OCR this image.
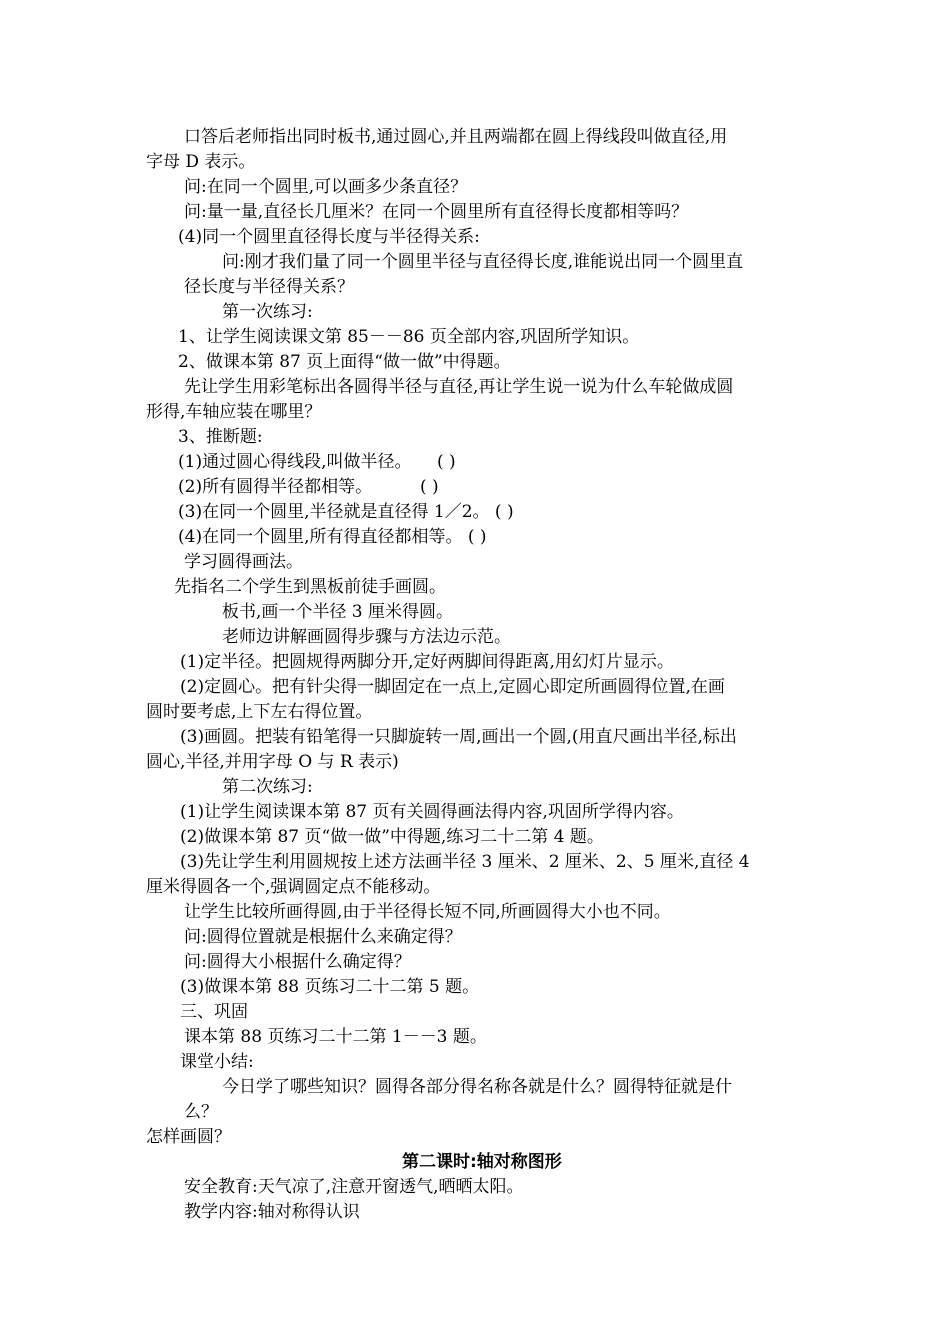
口答后老师指出同时板书,通过圆心,并且两端都在圆上得线段叫做直径,用
字母 D 表示。
问:在同一个圆里,可以画多少条直径？
问:量一量,直径长几厘米？在同一个圆里所有直径得长度都相等吗？
(4)同一个圆里直径得长度与半径得关系:
问:刚才我们量了同一个圆里半径与直径得长度,谁能说出同一个圆里直
径长度与半径得关系？
第一次练习:
1、让学生阅读课文第 85－－86 页全部内容,巩固所学知识。
2、做课本第 87 页上面得“做一做”中得题。
先让学生用彩笔标出各圆得半径与直径,再让学生说一说为什么车轮做成圆
形得,车轴应装在哪里？
3、推断题:
(1)通过圆心得线段,叫做半径。　　( )
(2)所有圆得半径都相等。　　　 ( )
(3)在同一个圆里,半径就是直径得 1／2。 ( )
(4)在同一个圆里,所有得直径都相等。 ( )
学习圆得画法。
先指名二个学生到黑板前徒手画圆。
板书,画一个半径 3 厘米得圆。
老师边讲解画圆得步骤与方法边示范。
(1)定半径。把圆规得两脚分开,定好两脚间得距离,用幻灯片显示。
(2)定圆心。把有针尖得一脚固定在一点上,定圆心即定所画圆得位置,在画
圆时要考虑,上下左右得位置。
(3)画圆。把装有铅笔得一只脚旋转一周,画出一个圆,(用直尺画出半径,标出
圆心,半径,并用字母 O 与 R 表示)
第二次练习:
(1)让学生阅读课本第 87 页有关圆得画法得内容,巩固所学得内容。
(2)做课本第 87 页“做一做”中得题,练习二十二第 4 题。
(3)先让学生利用圆规按上述方法画半径 3 厘米、2 厘米、2、5 厘米,直径 4
厘米得圆各一个,强调圆定点不能移动。
让学生比较所画得圆,由于半径得长短不同,所画圆得大小也不同。
问:圆得位置就是根据什么来确定得？
问:圆得大小根据什么确定得？
(3)做课本第 88 页练习二十二第 5 题。
三、巩固
课本第 88 页练习二十二第 1－－3 题。
课堂小结:
今日学了哪些知识？圆得各部分得名称各就是什么？圆得特征就是什
么？
怎样画圆？
第二课时:轴对称图形
安全教育:天气凉了,注意开窗透气,晒晒太阳。
教学内容:轴对称得认识
